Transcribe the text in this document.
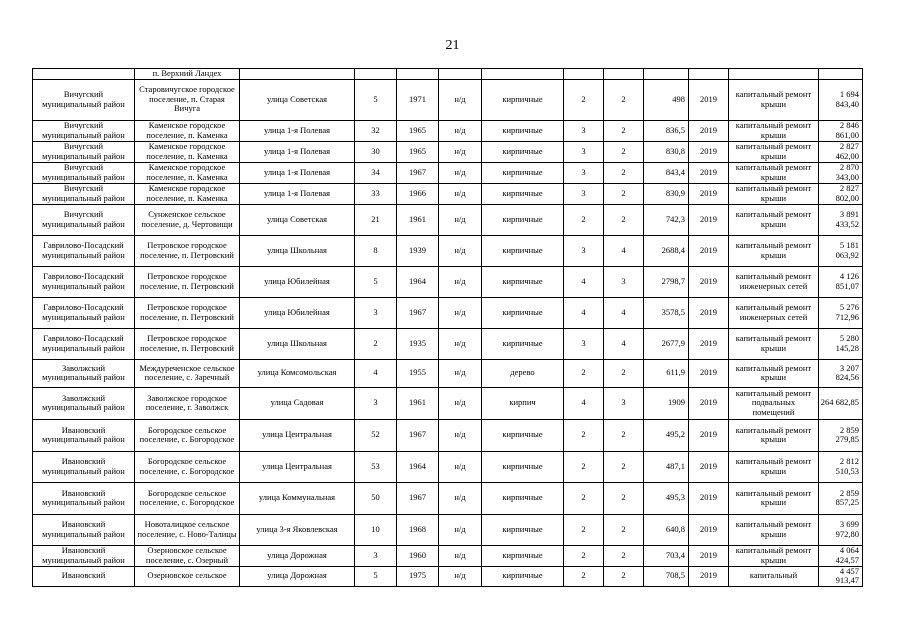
21
	п. Верхний Ландех											
Вичугский муниципальный район	Старовичугское городское поселение, п. Старая Вичуга	улица Советская	5	1971	н/д	кирпичные	2	2	498	2019	капитальный ремонт крыши	1 694 843,40
Вичугский муниципальный район	Каменское городское поселение, п. Каменка	улица 1-я Полевая	32	1965	н/д	кирпичные	3	2	836,5	2019	капитальный ремонт крыши	2 846 861,00
Вичугский муниципальный район	Каменское городское поселение, п. Каменка	улица 1-я Полевая	30	1965	н/д	кирпичные	3	2	830,8	2019	капитальный ремонт крыши	2 827 462,00
Вичугский муниципальный район	Каменское городское поселение, п. Каменка	улица 1-я Полевая	34	1967	н/д	кирпичные	3	2	843,4	2019	капитальный ремонт крыши	2 870 343,00
Вичугский муниципальный район	Каменское городское поселение, п. Каменка	улица 1-я Полевая	33	1966	н/д	кирпичные	3	2	830,9	2019	капитальный ремонт крыши	2 827 802,00
Вичугский муниципальный район	Сунженское сельское поселение, д. Чертовищи	улица Советская	21	1961	н/д	кирпичные	2	2	742,3	2019	капитальный ремонт крыши	3 891 433,52
Гаврилово-Посадский муниципальный район	Петровское городское поселение, п. Петровский	улица Школьная	8	1939	н/д	кирпичные	3	4	2688,4	2019	капитальный ремонт крыши	5 181 063,92
Гаврилово-Посадский муниципальный район	Петровское городское поселение, п. Петровский	улица Юбилейная	5	1964	н/д	кирпичные	4	3	2798,7	2019	капитальный ремонт инженерных сетей	4 126 851,07
Гаврилово-Посадский муниципальный район	Петровское городское поселение, п. Петровский	улица Юбилейная	3	1967	н/д	кирпичные	4	4	3578,5	2019	капитальный ремонт инженерных сетей	5 276 712,96
Гаврилово-Посадский муниципальный район	Петровское городское поселение, п. Петровский	улица Школьная	2	1935	н/д	кирпичные	3	4	2677,9	2019	капитальный ремонт крыши	5 280 145,28
Заволжский муниципальный район	Междуреченское сельское поселение, с. Заречный	улица Комсомольская	4	1955	н/д	дерево	2	2	611,9	2019	капитальный ремонт крыши	3 207 824,56
Заволжский муниципальный район	Заволжское городское поселение, г. Заволжск	улица Садовая	3	1961	н/д	кирпич	4	3	1909	2019	капитальный ремонт подвальных помещений	264 682,85
Ивановский муниципальный район	Богородское сельское поселение, с. Богородское	улица Центральная	52	1967	н/д	кирпичные	2	2	495,2	2019	капитальный ремонт крыши	2 859 279,85
Ивановский муниципальный район	Богородское сельское поселение, с. Богородское	улица Центральная	53	1964	н/д	кирпичные	2	2	487,1	2019	капитальный ремонт крыши	2 812 510,53
Ивановский муниципальный район	Богородское сельское поселение, с. Богородское	улица Коммунальная	50	1967	н/д	кирпичные	2	2	495,3	2019	капитальный ремонт крыши	2 859 857,25
Ивановский муниципальный район	Новоталицкое сельское поселение, с. Ново-Талицы	улица 3-я Яковлевская	10	1968	н/д	кирпичные	2	2	640,8	2019	капитальный ремонт крыши	3 699 972,80
Ивановский муниципальный район	Озерновское сельское поселение, с. Озерный	улица Дорожная	3	1960	н/д	кирпичные	2	2	703,4	2019	капитальный ремонт крыши	4 064 424,57
Ивановский	Озерновское сельское	улица Дорожная	5	1975	н/д	кирпичные	2	2	708,5	2019	капитальный	4 457 913,47
